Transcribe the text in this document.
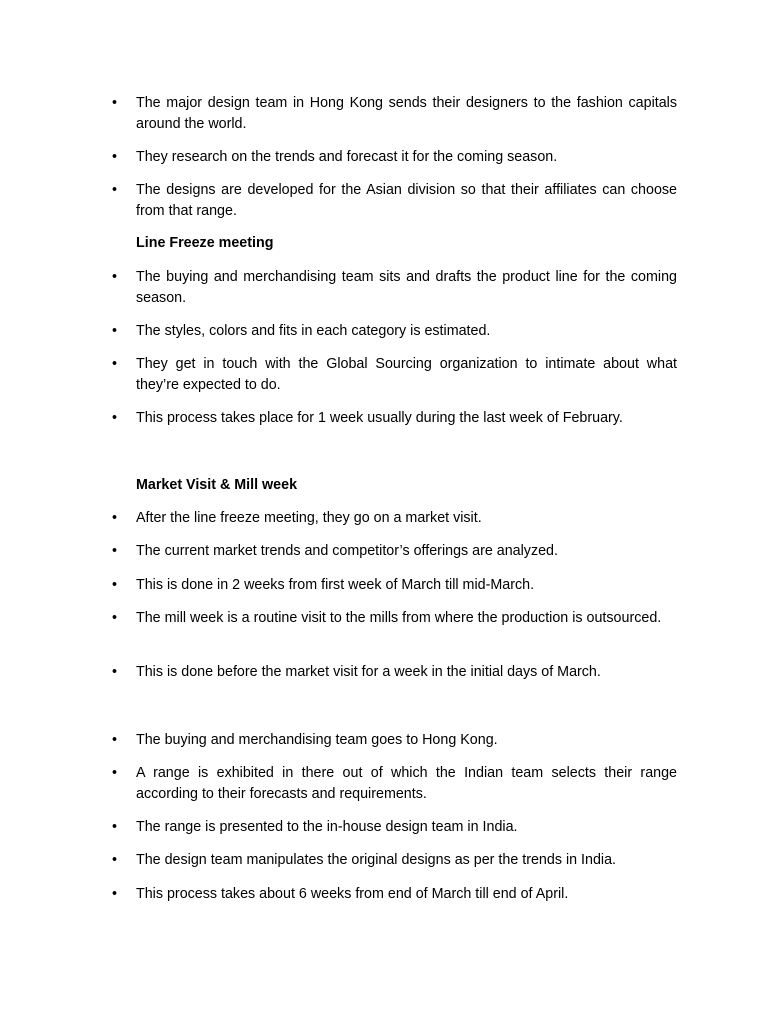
•	The major design team in Hong Kong sends their designers to the fashion capitals around the world.
•	They research on the trends and forecast it for the coming season.
•	The designs are developed for the Asian division so that their affiliates can choose from that range.
Line Freeze meeting
•	The buying and merchandising team sits and drafts the product line for the coming season.
•	The styles, colors and fits in each category is estimated.
•	They get in touch with the Global Sourcing organization to intimate about what they’re expected to do.
•	This process takes place for 1 week usually during the last week of February.
Market Visit & Mill week
•	After the line freeze meeting, they go on a market visit.
•	The current market trends and competitor’s offerings are analyzed.
•	This is done in 2 weeks from first week of March till mid-March.
•	The mill week is a routine visit to the mills from where the production is outsourced.
•	This is done before the market visit for a week in the initial days of March.
•	The buying and merchandising team goes to Hong Kong.
•	A range is exhibited in there out of which the Indian team selects their range according to their forecasts and requirements.
•	The range is presented to the in-house design team in India.
•	The design team manipulates the original designs as per the trends in India.
•	This process takes about 6 weeks from end of March till end of April.
